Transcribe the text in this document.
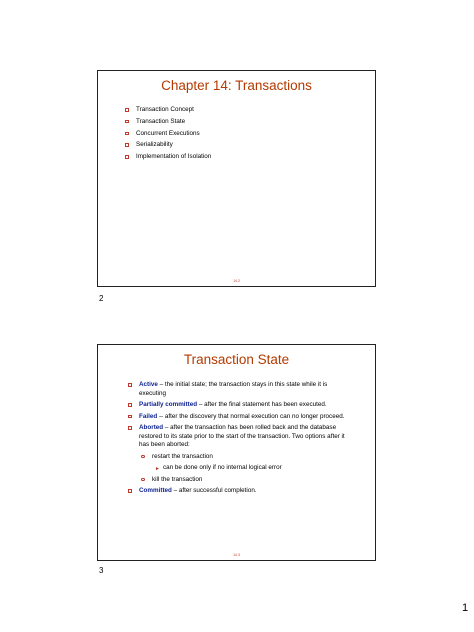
Chapter 14: Transactions
Transaction Concept
Transaction State
Concurrent Executions
Serializability
Implementation of Isolation
14.2
2
Transaction State
Active – the initial state; the transaction stays in this state while it is executing
Partially committed – after the final statement has been executed.
Failed -- after the discovery that normal execution can no longer proceed.
Aborted – after the transaction has been rolled back and the database restored to its state prior to the start of the transaction. Two options after it has been aborted:
restart the transaction
► can be done only if no internal logical error
kill the transaction
Committed – after successful completion.
14.3
3
1
